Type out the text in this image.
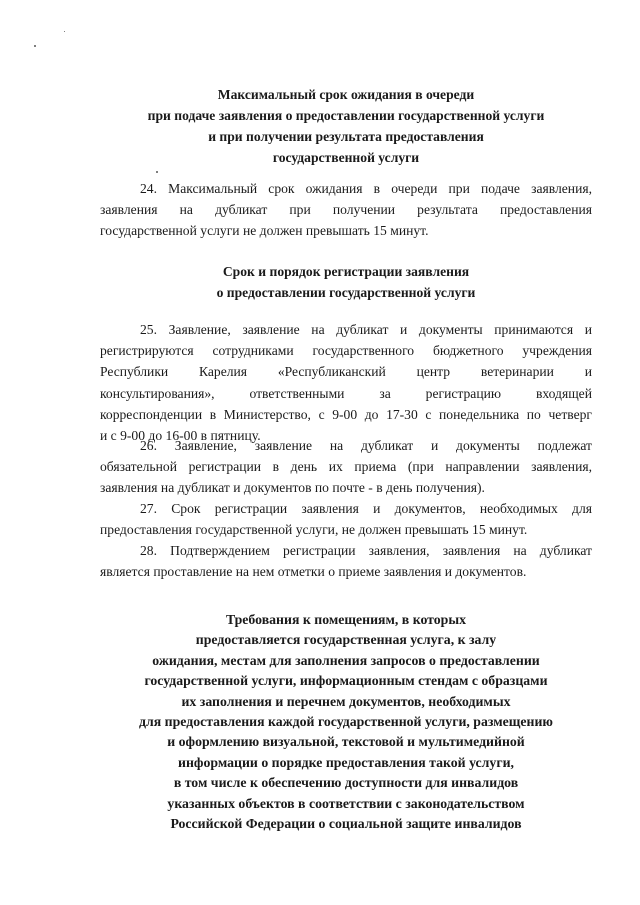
Максимальный срок ожидания в очереди
при подаче заявления о предоставлении государственной услуги
и при получении результата предоставления
государственной услуги
24. Максимальный срок ожидания в очереди при подаче заявления,
заявления на дубликат при получении результата предоставления
государственной услуги не должен превышать 15 минут.
Срок и порядок регистрации заявления
о предоставлении государственной услуги
25. Заявление, заявление на дубликат и документы принимаются и
регистрируются сотрудниками государственного бюджетного учреждения
Республики Карелия «Республиканский центр ветеринарии и
консультирования», ответственными за регистрацию входящей
корреспонденции в Министерство, с 9-00 до 17-30 с понедельника по четверг
и с 9-00 до 16-00 в пятницу.
26. Заявление, заявление на дубликат и документы подлежат
обязательной регистрации в день их приема (при направлении заявления,
заявления на дубликат и документов по почте - в день получения).
27. Срок регистрации заявления и документов, необходимых для
предоставления государственной услуги, не должен превышать 15 минут.
28. Подтверждением регистрации заявления, заявления на дубликат
является проставление на нем отметки о приеме заявления и документов.
Требования к помещениям, в которых
предоставляется государственная услуга, к залу
ожидания, местам для заполнения запросов о предоставлении
государственной услуги, информационным стендам с образцами
их заполнения и перечнем документов, необходимых
для предоставления каждой государственной услуги, размещению
и оформлению визуальной, текстовой и мультимедийной
информации о порядке предоставления такой услуги,
в том числе к обеспечению доступности для инвалидов
указанных объектов в соответствии с законодательством
Российской Федерации о социальной защите инвалидов
